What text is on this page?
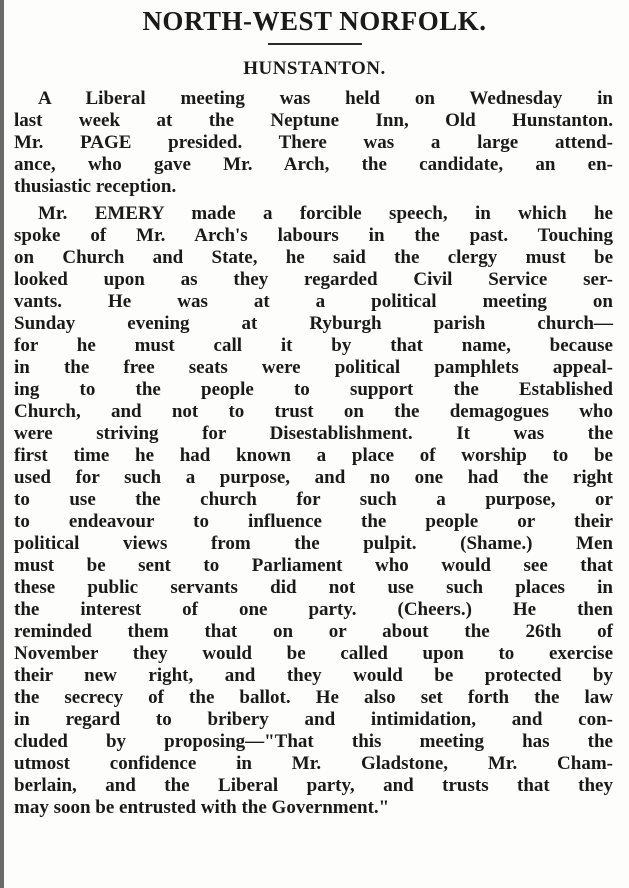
NORTH-WEST NORFOLK.
HUNSTANTON.

A Liberal meeting was held on Wednesday in

last week at the Neptune Inn, Old Hunstanton.

Mr. PAGE presided. There was a large attend-

ance, who gave Mr. Arch, the candidate, an en-

thusiastic reception.

Mr. EMERY made a forcible speech, in which he

spoke of Mr. Arch's labours in the past. Touching

on Church and State, he said the clergy must be

looked upon as they regarded Civil Service ser-

vants. He was at a political meeting on

Sunday evening at Ryburgh parish church—

for he must call it by that name, because

in the free seats were political pamphlets appeal-

ing to the people to support the Established

Church, and not to trust on the demagogues who

were striving for Disestablishment. It was the

first time he had known a place of worship to be

used for such a purpose, and no one had the right

to use the church for such a purpose, or

to endeavour to influence the people or their

political views from the pulpit. (Shame.) Men

must be sent to Parliament who would see that

these public servants did not use such places in

the interest of one party. (Cheers.) He then

reminded them that on or about the 26th of

November they would be called upon to exercise

their new right, and they would be protected by

the secrecy of the ballot. He also set forth the law

in regard to bribery and intimidation, and con-

cluded by proposing—"That this meeting has the

utmost confidence in Mr. Gladstone, Mr. Cham-

berlain, and the Liberal party, and trusts that they

may soon be entrusted with the Government."
